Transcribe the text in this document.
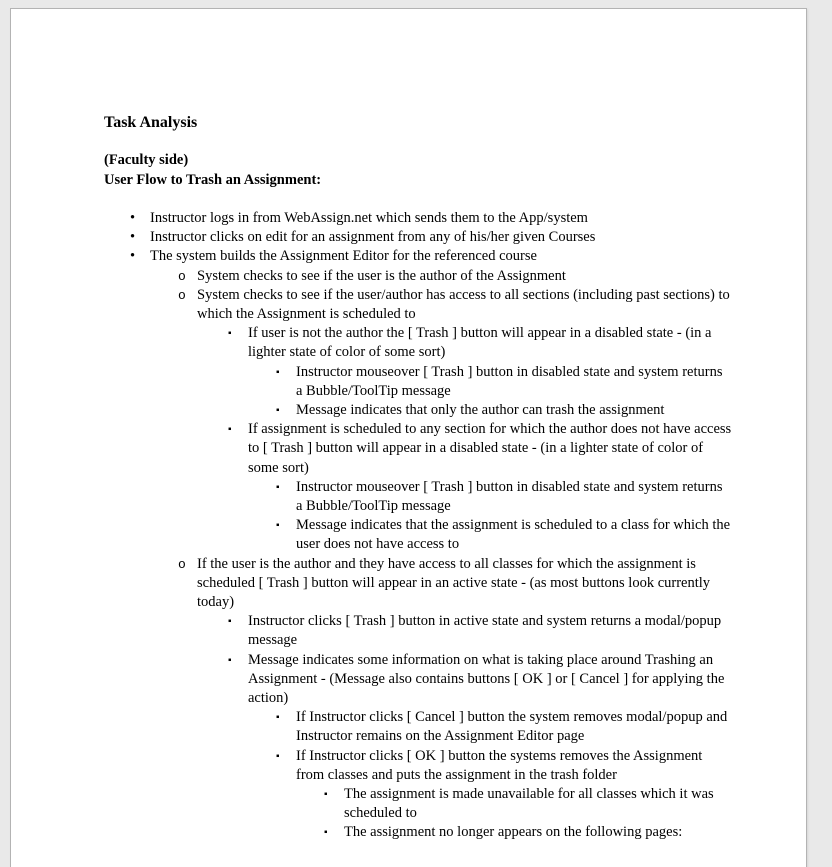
Task Analysis

(Faculty side)

User Flow to Trash an Assignment:

• Instructor logs in from WebAssign.net which sends them to the App/system
• Instructor clicks on edit for an assignment from any of his/her given Courses
• The system builds the Assignment Editor for the referenced course
o System checks to see if the user is the author of the Assignment
o System checks to see if the user/author has access to all sections (including past sections) to which the Assignment is scheduled to
▪ If user is not the author the [ Trash ] button will appear in a disabled state - (in a lighter state of color of some sort)
▪ Instructor mouseover [ Trash ] button in disabled state and system returns a Bubble/ToolTip message
▪ Message indicates that only the author can trash the assignment
▪ If assignment is scheduled to any section for which the author does not have access to [ Trash ] button will appear in a disabled state - (in a lighter state of color of some sort)
▪ Instructor mouseover [ Trash ] button in disabled state and system returns a Bubble/ToolTip message
▪ Message indicates that the assignment is scheduled to a class for which the user does not have access to
o If the user is the author and they have access to all classes for which the assignment is scheduled [ Trash ] button will appear in an active state - (as most buttons look currently today)
▪ Instructor clicks [ Trash ] button in active state and system returns a modal/popup message
▪ Message indicates some information on what is taking place around Trashing an Assignment - (Message also contains buttons [ OK ] or [ Cancel ] for applying the action)
▪ If Instructor clicks [ Cancel ] button the system removes modal/popup and Instructor remains on the Assignment Editor page
▪ If Instructor clicks [ OK ] button the systems removes the Assignment from classes and puts the assignment in the trash folder
▪ The assignment is made unavailable for all classes which it was scheduled to
▪ The assignment no longer appears on the following pages:
